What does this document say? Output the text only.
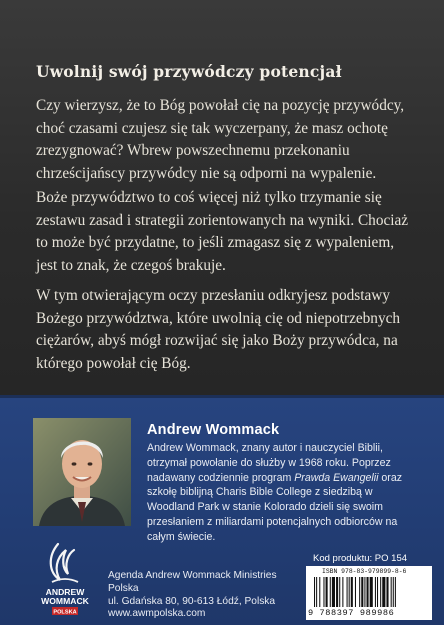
Uwolnij swój przywódczy potencjał

Czy wierzysz, że to Bóg powołał cię na pozycję przywódcy, choć czasami czujesz się tak wyczerpany, że masz ochotę zrezygnować? Wbrew powszechnemu przekonaniu chrześcijańscy przywódcy nie są odporni na wypalenie.

Boże przywództwo to coś więcej niż tylko trzymanie się zestawu zasad i strategii zorientowanych na wyniki. Chociaż to może być przydatne, to jeśli zmagasz się z wypaleniem, jest to znak, że czegoś brakuje.

W tym otwierającym oczy przesłaniu odkryjesz podstawy Bożego przywództwa, które uwolnią cię od niepotrzebnych ciężarów, abyś mógł rozwijać się jako Boży przywódca, na którego powołał cię Bóg.

Andrew Wommack

Andrew Wommack, znany autor i nauczyciel Biblii, otrzymał powołanie do służby w 1968 roku. Poprzez nadawany codziennie program Prawda Ewangelii oraz szkołę biblijną Charis Bible College z siedzibą w Woodland Park w stanie Kolorado dzieli się swoim przesłaniem z miliardami potencjalnych odbiorców na całym świecie.

ANDREW
WOMMACK
POLSKA
Agenda Andrew Wommack Ministries Polska
ul. Gdańska 80, 90-613 Łódź, Polska
www.awmpolska.com
Kod produktu: PO 154
ISBN 978-83-979899-8-6
9 788397 989986
